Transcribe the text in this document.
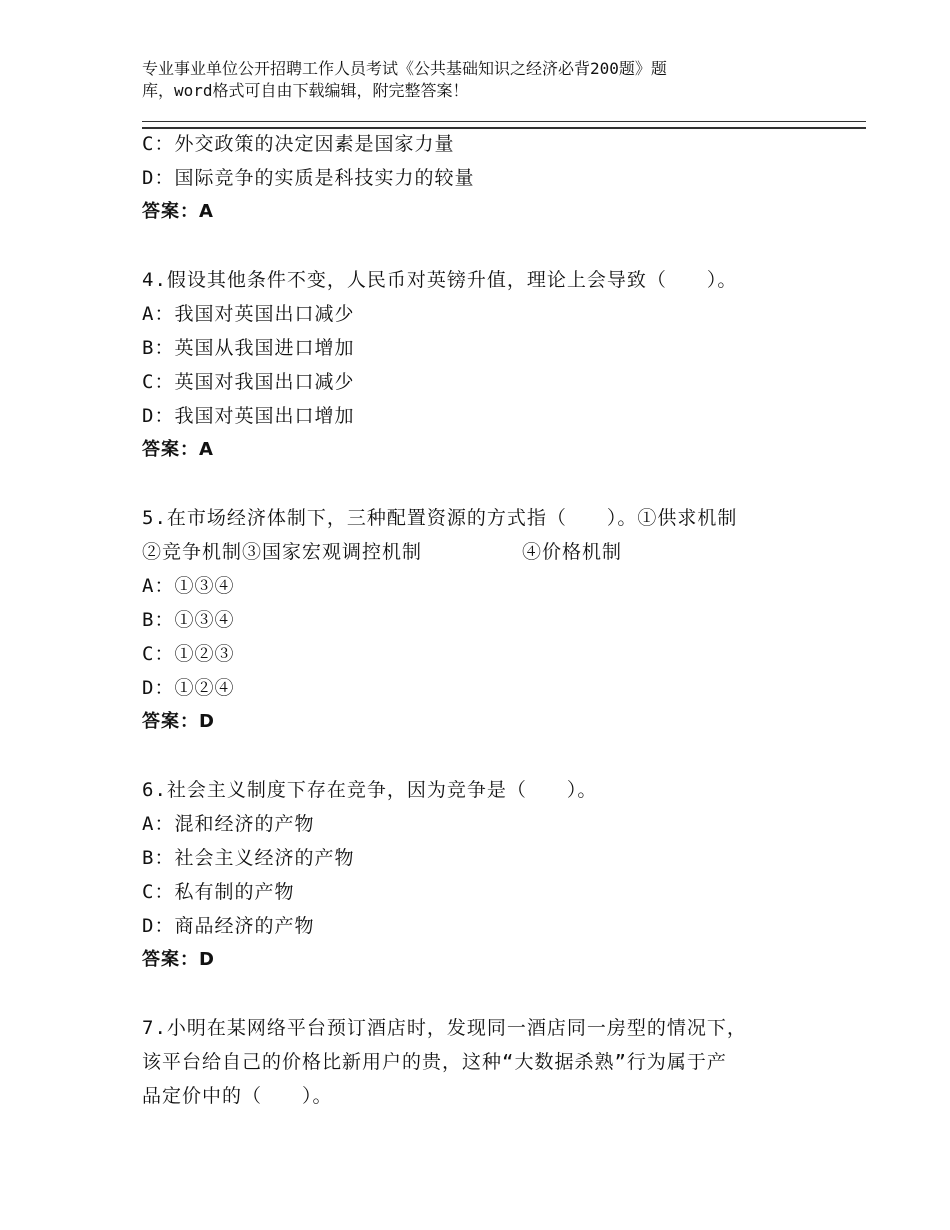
专业事业单位公开招聘工作人员考试《公共基础知识之经济必背200题》题
库，word格式可自由下载编辑，附完整答案！
C：外交政策的决定因素是国家力量
D：国际竞争的实质是科技实力的较量
答案：A
4.假设其他条件不变，人民币对英镑升值，理论上会导致（　　）。
A：我国对英国出口减少
B：英国从我国进口增加
C：英国对我国出口减少
D：我国对英国出口增加
答案：A
5.在市场经济体制下，三种配置资源的方式指（　　）。①供求机制
②竞争机制③国家宏观调控机制　　　　　④价格机制
A：①③④
B：①③④
C：①②③
D：①②④
答案：D
6.社会主义制度下存在竞争，因为竞争是（　　）。
A：混和经济的产物
B：社会主义经济的产物
C：私有制的产物
D：商品经济的产物
答案：D
7.小明在某网络平台预订酒店时，发现同一酒店同一房型的情况下，
该平台给自己的价格比新用户的贵，这种“大数据杀熟”行为属于产
品定价中的（　　）。
